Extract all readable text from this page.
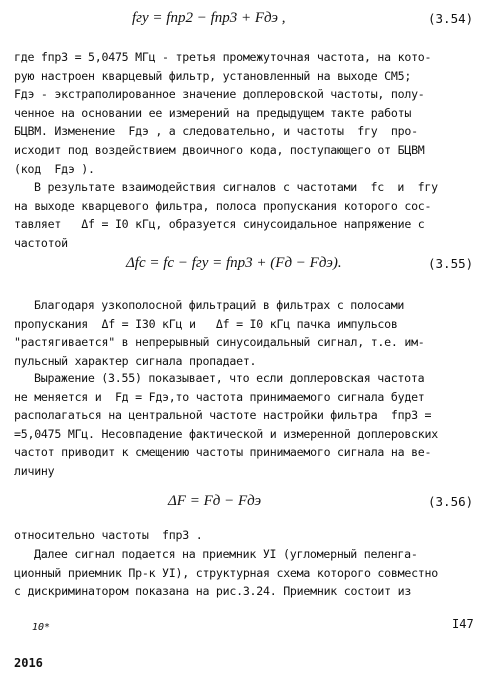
fгу = fпр2 − fпр3 + Fдэ ,	(3.54)
где fпр3 = 5,0475 МГц - третья промежуточная частота, на кото-
рую настроен кварцевый фильтр, установленный на выходе СМ5;
Fдэ - экстраполированное значение доплеровской частоты, полу-
ченное на основании ее измерений на предыдущем такте работы
БЦВМ. Изменение  Fдэ , а следовательно, и частоты  fгу  про-
исходит под воздействием двоичного кода, поступающего от БЦВМ
(код  Fдэ ).
В результате взаимодействия сигналов с частотами  fс  и  fгу
на выходе кварцевого фильтра, полоса пропускания которого сос-
тавляет   Δf = I0 кГц, образуется синусоидальное напряжение с
частотой
Δfс = fс − fгу = fпр3 + (Fд − Fдэ).	(3.55)
Благодаря узкополосной фильтраций в фильтрах с полосами
пропускания  Δf = I30 кГц и   Δf = I0 кГц пачка импульсов
"растягивается" в непрерывный синусоидальный сигнал, т.е. им-
пульсный характер сигнала пропадает.
Выражение (3.55) показывает, что если доплеровская частота
не меняется и  Fд = Fдэ,то частота принимаемого сигнала будет
располагаться на центральной частоте настройки фильтра  fпр3 =
=5,0475 МГц. Несовпадение фактической и измеренной доплеровских
частот приводит к смещению частоты принимаемого сигнала на ве-
личину
ΔF = Fд − Fдэ	(3.56)
относительно частоты  fпр3 .
Далее сигнал подается на приемник УI (угломерный пеленга-
ционный приемник Пр-к УI), структурная схема которого совместно
с дискриминатором показана на рис.3.24. Приемник состоит из
10*	I47
2016
